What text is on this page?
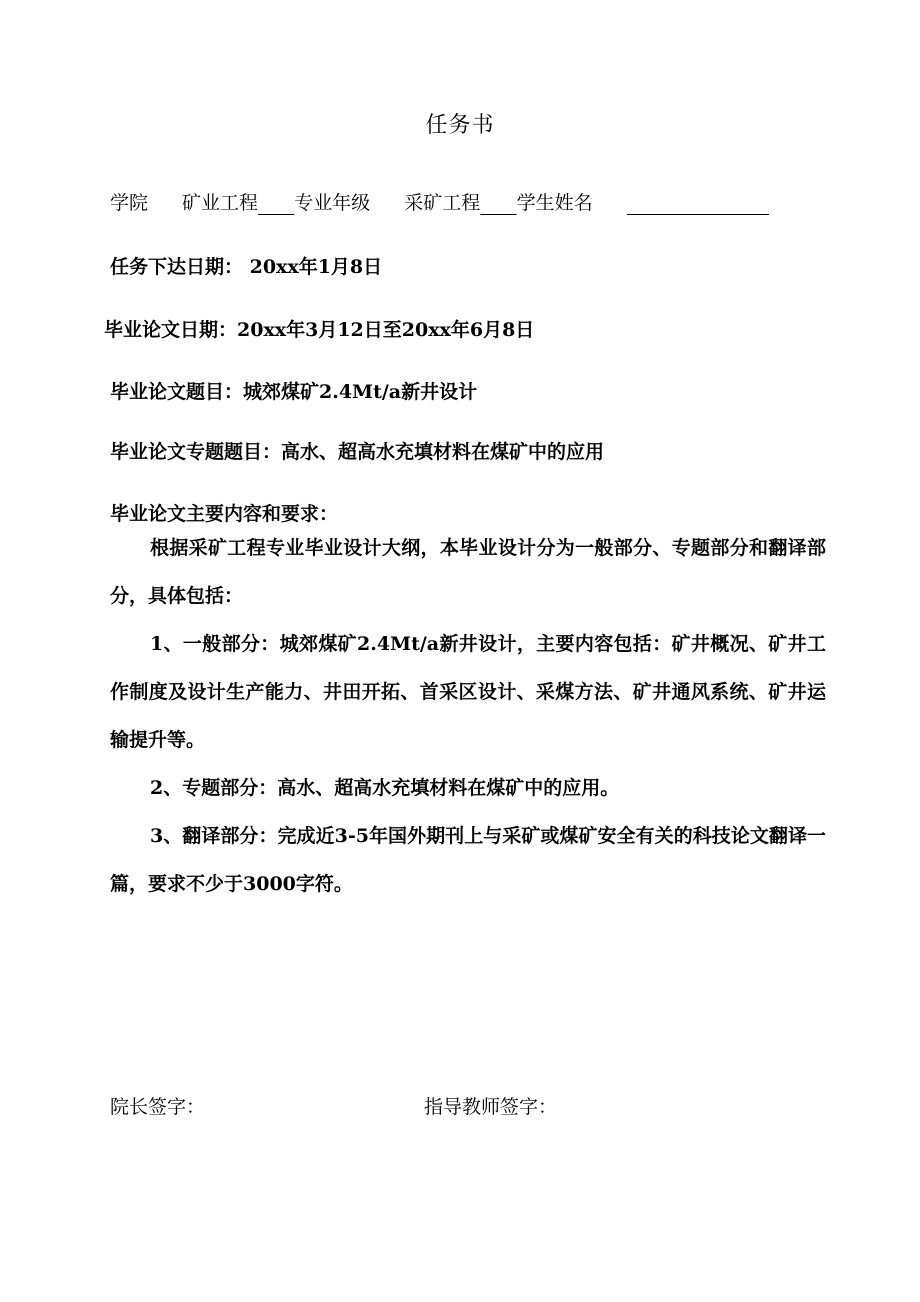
任务书
学院 矿业工程 专业年级 采矿工程 学生姓名
任务下达日期： 20xx年1月8日
毕业论文日期：20xx年3月12日至20xx年6月8日
毕业论文题目：城郊煤矿2.4Mt/a新井设计
毕业论文专题题目：高水、超高水充填材料在煤矿中的应用
毕业论文主要内容和要求：

根据采矿工程专业毕业设计大纲，本毕业设计分为一般部分、专题部分和翻译部分，具体包括：

1、一般部分：城郊煤矿2.4Mt/a新井设计，主要内容包括：矿井概况、矿井工作制度及设计生产能力、井田开拓、首采区设计、采煤方法、矿井通风系统、矿井运输提升等。

2、专题部分：高水、超高水充填材料在煤矿中的应用。

3、翻译部分：完成近3-5年国外期刊上与采矿或煤矿安全有关的科技论文翻译一篇，要求不少于3000字符。

院长签字：	指导教师签字：
